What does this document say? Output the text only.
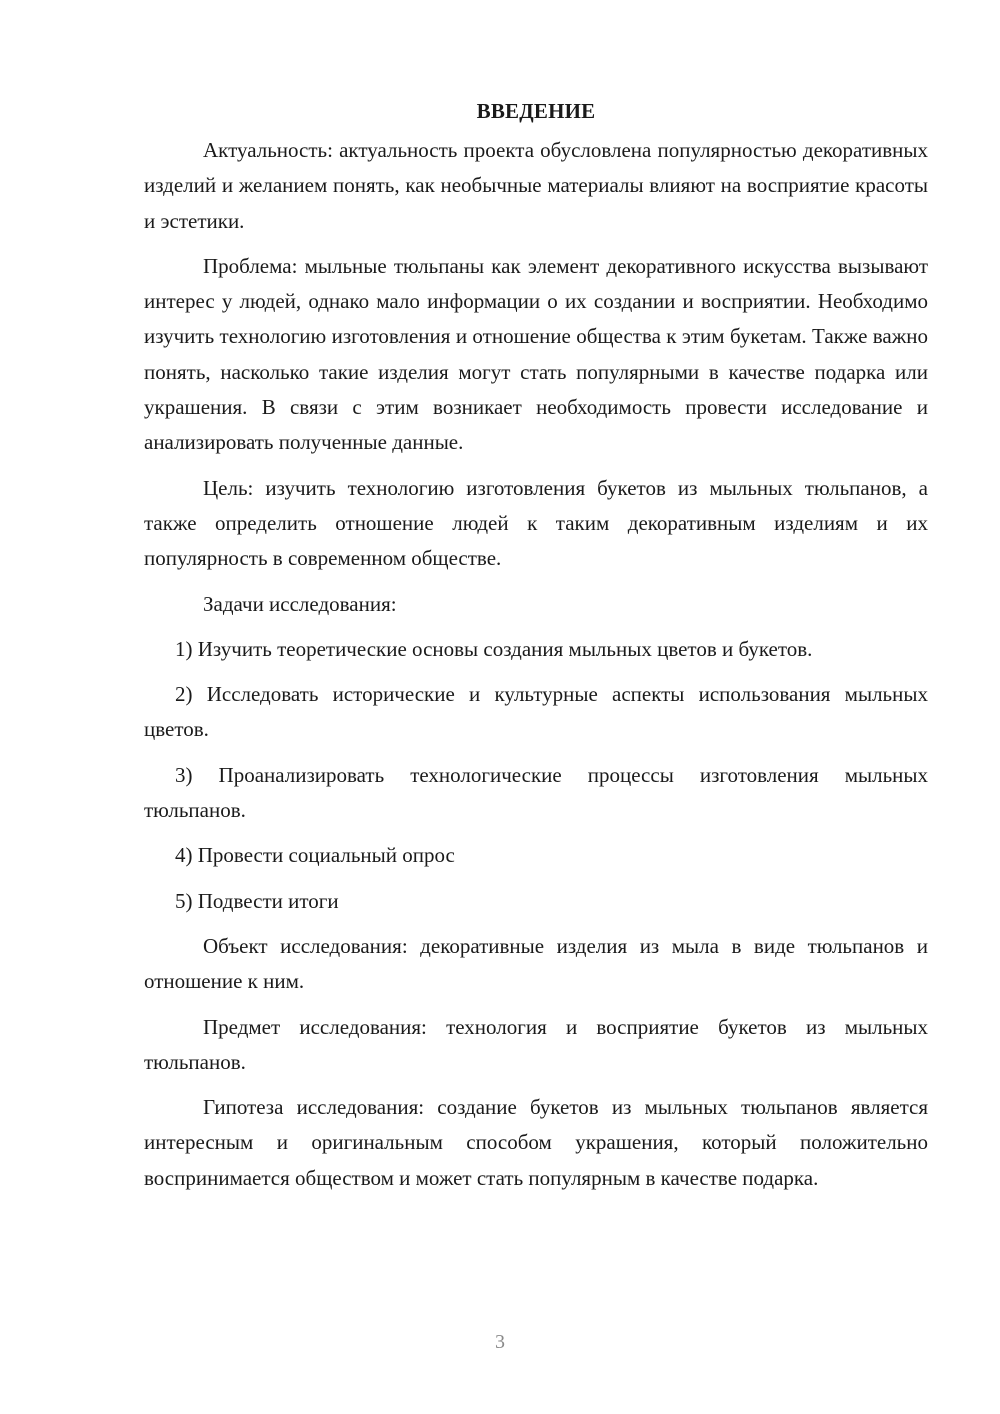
ВВЕДЕНИЕ

Актуальность: актуальность проекта обусловлена популярностью декоративных изделий и желанием понять, как необычные материалы влияют на восприятие красоты и эстетики.

Проблема: мыльные тюльпаны как элемент декоративного искусства вызывают интерес у людей, однако мало информации о их создании и восприятии. Необходимо изучить технологию изготовления и отношение общества к этим букетам. Также важно понять, насколько такие изделия могут стать популярными в качестве подарка или украшения. В связи с этим возникает необходимость провести исследование и анализировать полученные данные.

Цель: изучить технологию изготовления букетов из мыльных тюльпанов, а также определить отношение людей к таким декоративным изделиям и их популярность в современном обществе.

Задачи исследования:

1) Изучить теоретические основы создания мыльных цветов и букетов.

2) Исследовать исторические и культурные аспекты использования мыльных цветов.

3) Проанализировать технологические процессы изготовления мыльных тюльпанов.

4) Провести социальный опрос

5) Подвести итоги

Объект исследования: декоративные изделия из мыла в виде тюльпанов и отношение к ним.

Предмет исследования: технология и восприятие букетов из мыльных тюльпанов.

Гипотеза исследования: создание букетов из мыльных тюльпанов является интересным и оригинальным способом украшения, который положительно воспринимается обществом и может стать популярным в качестве подарка.

3
